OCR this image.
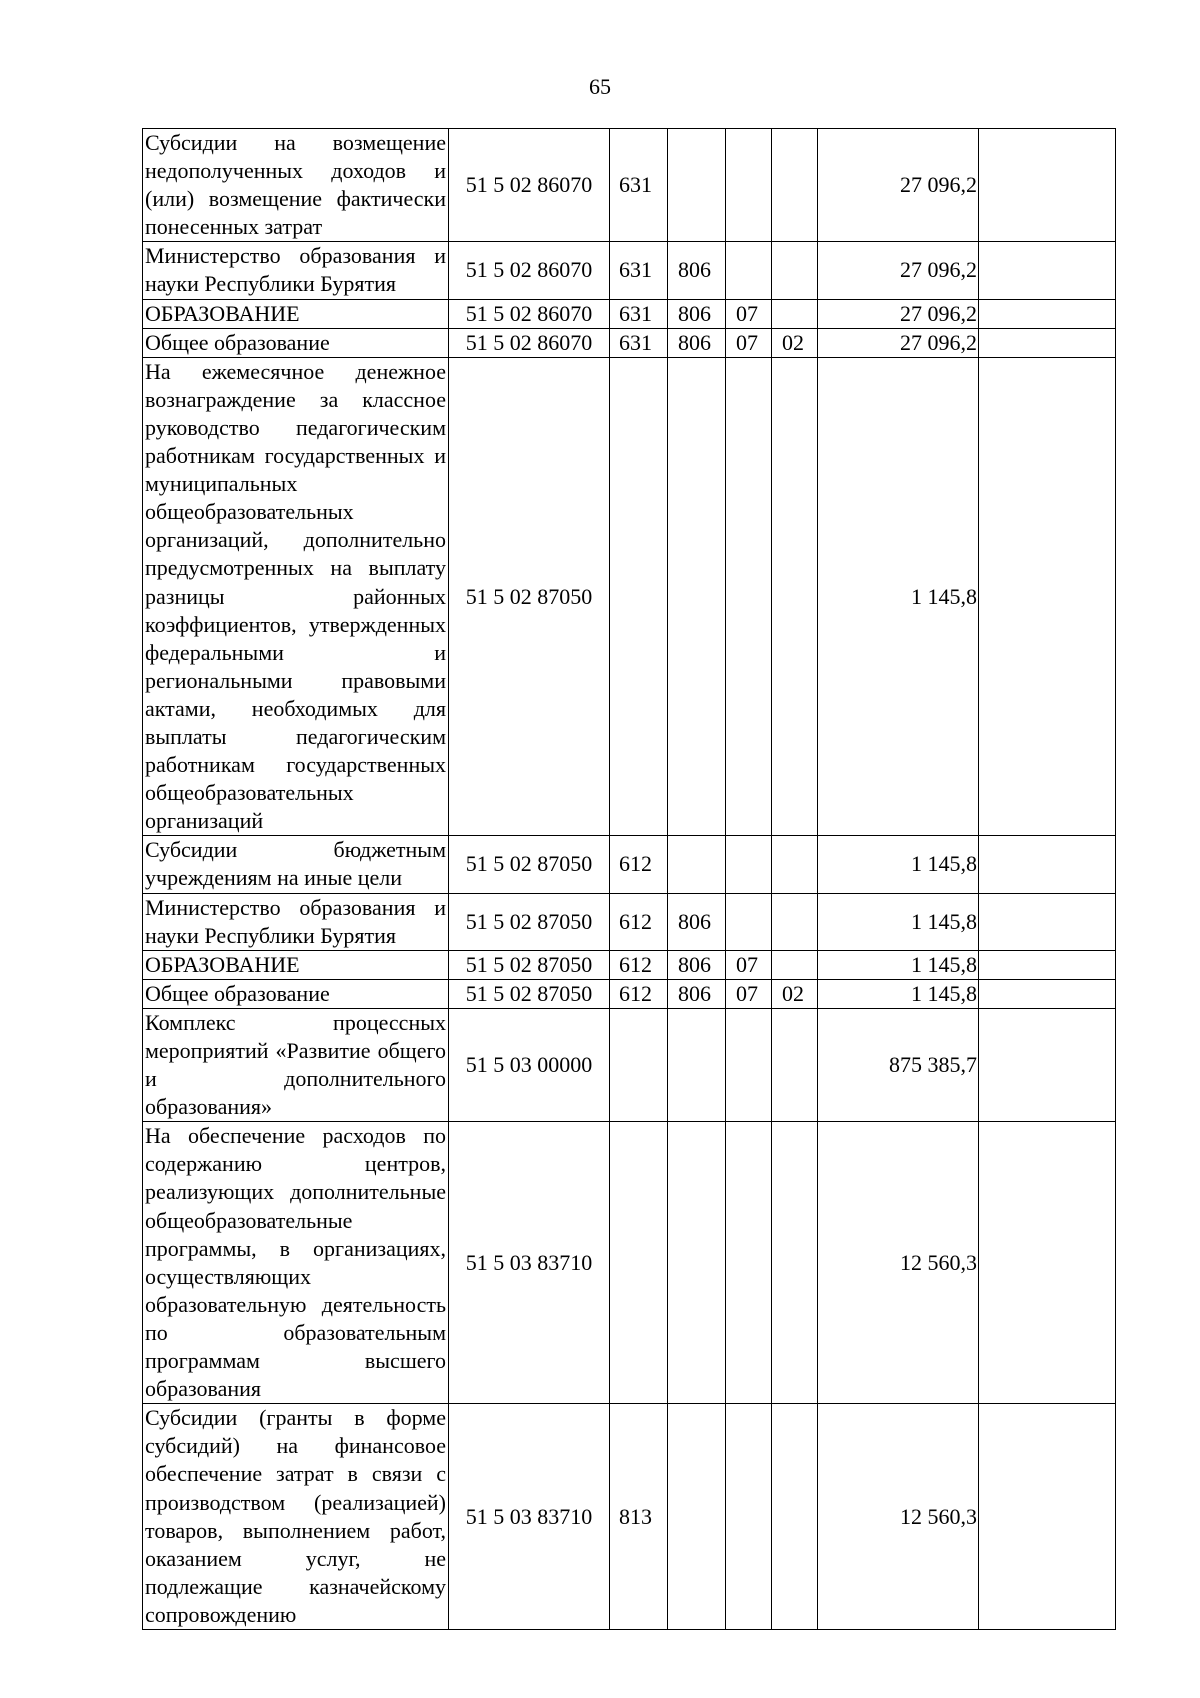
65
Субсидии на возмещение недополученных доходов и (или) возмещение фактически понесенных затрат	51 5 02 86070	631				27 096,2	
Министерство образования и науки Республики Бурятия	51 5 02 86070	631	806			27 096,2	
ОБРАЗОВАНИЕ	51 5 02 86070	631	806	07		27 096,2	
Общее образование	51 5 02 86070	631	806	07	02	27 096,2	
На ежемесячное денежное вознаграждение за классное руководство педагогическим работникам государственных и муниципальных общеобразовательных организаций, дополнительно предусмотренных на выплату разницы районных коэффициентов, утвержденных федеральными и региональными правовыми актами, необходимых для выплаты педагогическим работникам государственных общеобразовательных организаций	51 5 02 87050					1 145,8	
Субсидии бюджетным учреждениям на иные цели	51 5 02 87050	612				1 145,8	
Министерство образования и науки Республики Бурятия	51 5 02 87050	612	806			1 145,8	
ОБРАЗОВАНИЕ	51 5 02 87050	612	806	07		1 145,8	
Общее образование	51 5 02 87050	612	806	07	02	1 145,8	
Комплекс процессных мероприятий «Развитие общего и дополнительного образования»	51 5 03 00000					875 385,7	
На обеспечение расходов по содержанию центров, реализующих дополнительные общеобразовательные программы, в организациях, осуществляющих образовательную деятельность по образовательным программам высшего образования	51 5 03 83710					12 560,3	
Субсидии (гранты в форме субсидий) на финансовое обеспечение затрат в связи с производством (реализацией) товаров, выполнением работ, оказанием услуг, не подлежащие казначейскому сопровождению	51 5 03 83710	813				12 560,3	
